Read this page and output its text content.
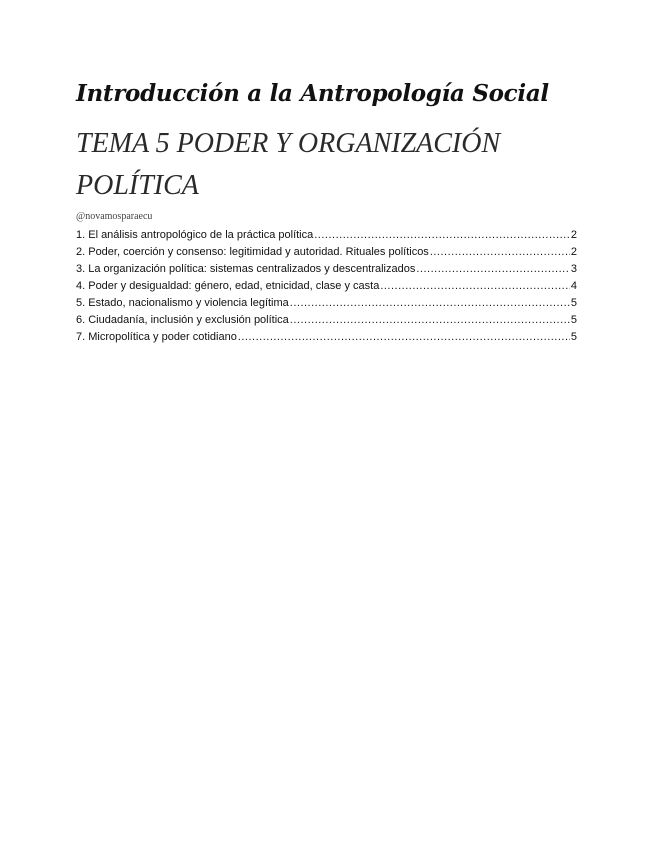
Introducción a la Antropología Social
TEMA 5 PODER Y ORGANIZACIÓN POLÍTICA

@novamosparaecu

1. El análisis antropológico de la práctica política .....	2
2. Poder, coerción y consenso: legitimidad y autoridad. Rituales políticos .....	2
3. La organización política: sistemas centralizados y descentralizados .....	3
4. Poder y desigualdad: género, edad, etnicidad, clase y casta .....	4
5. Estado, nacionalismo y violencia legítima .....	5
6. Ciudadanía, inclusión y exclusión política .....	5
7. Micropolítica y poder cotidiano .....	5
